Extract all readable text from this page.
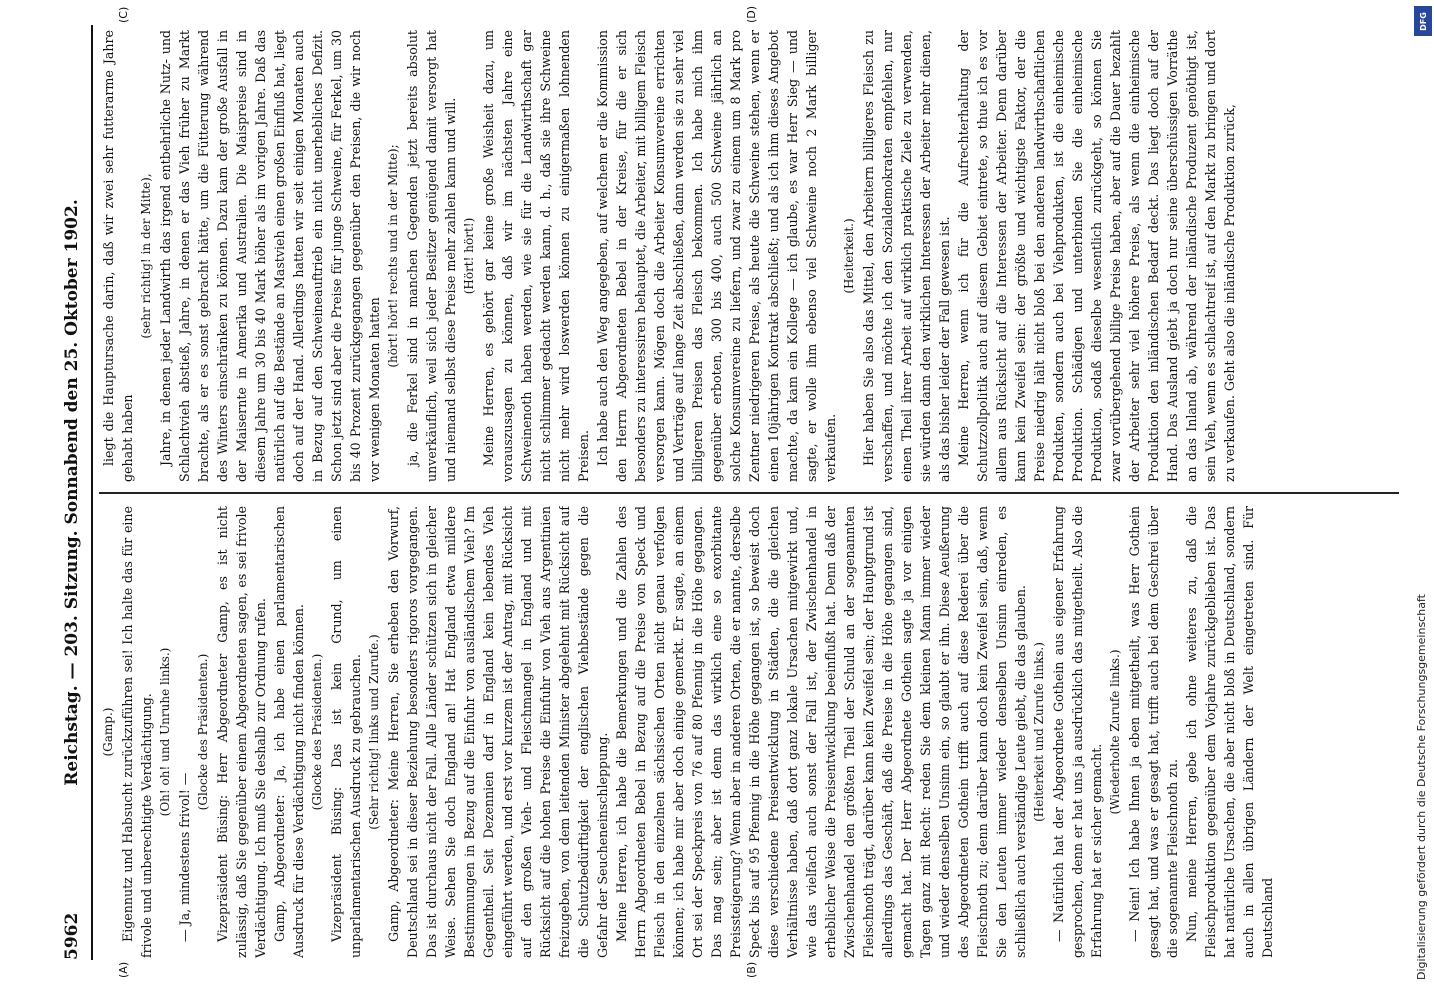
5962
Reichstag. — 203. Sitzung. Sonnabend den 25. Oktober 1902.
(A)	(B)
(C)	(D)

(Gamp.) Eigennutz und Habsucht zurückzuführen sei! Ich halte das für eine frivole und unberechtigte Verdächtigung. (Oh! oh! und Unruhe links.)

— Ja, mindestens frivol! —

(Glocke des Präsidenten.) Vizepräsident Büsing: Herr Abgeordneter Gamp, es ist nicht zulässig, daß Sie gegenüber einem Abgeordneten sagen, es sei frivole Verdächtigung. Ich muß Sie deshalb zur Ordnung rufen. Gamp, Abgeordneter: Ja, ich habe einen parlamentarischen Ausdruck für diese Verdächtigung nicht finden können. (Glocke des Präsidenten.) Vizepräsident Büsing: Das ist kein Grund, um einen unparlamentarischen Ausdruck zu gebrauchen. (Sehr richtig! links und Zurufe.) Gamp, Abgeordneter: Meine Herren, Sie erheben den Vorwurf, Deutschland sei in dieser Beziehung besonders rigoros vorgegangen. Das ist durchaus nicht der Fall. Alle Länder schützen sich in gleicher Weise. Sehen Sie doch England an! Hat England etwa mildere Bestimmungen in Bezug auf die Einfuhr von ausländischem Vieh? Im Gegentheil. Seit Dezennien darf in England kein lebendes Vieh eingeführt werden, und erst vor kurzem ist der Antrag, mit Rücksicht auf den großen Vieh- und Fleischmangel in England und mit Rücksicht auf die hohen Preise die Einfuhr von Vieh aus Argentinien freizugeben, von dem leitenden Minister abgelehnt mit Rücksicht auf die Schutzbedürftigkeit der englischen Viehbestände gegen die Gefahr der Seucheneinschleppung. Meine Herren, ich habe die Bemerkungen und die Zahlen des Herrn Abgeordneten Bebel in Bezug auf die Preise von Speck und Fleisch in den einzelnen sächsischen Orten nicht genau verfolgen können; ich habe mir aber doch einige gemerkt. Er sagte, an einem Ort sei der Speckpreis von 76 auf 80 Pfennig in die Höhe gegangen. Das mag sein; aber ist denn das wirklich eine so exorbitante Preissteigerung? Wenn aber in anderen Orten, die er nannte, derselbe Speck bis auf 95 Pfennig in die Höhe gegangen ist, so beweist doch diese verschiedene Preisentwicklung in Städten, die die gleichen Verhältnisse haben, daß dort ganz lokale Ursachen mitgewirkt und, wie das vielfach auch sonst der Fall ist, der Zwischenhandel in erheblicher Weise die Preisentwicklung beeinflußt hat. Denn daß der Zwischenhandel den größten Theil der Schuld an der sogenannten Fleischnoth trägt, darüber kann kein Zweifel sein; der Hauptgrund ist allerdings das Geschäft, daß die Preise in die Höhe gegangen sind, gemacht hat. Der Herr Abgeordnete Gothein sagte ja vor einigen Tagen ganz mit Recht: reden Sie dem kleinen Mann immer wieder und wieder denselben Unsinn ein, so glaubt er ihn. Diese Aeußerung des Abgeordneten Gothein trifft auch auf diese Rederei über die Fleischnoth zu; denn darüber kann doch kein Zweifel sein, daß, wenn Sie den Leuten immer wieder denselben Unsinn einreden, es schließlich auch verständige Leute giebt, die das glauben. (Heiterkeit und Zurufe links.) — Natürlich hat der Abgeordnete Gothein aus eigener Erfahrung gesprochen, denn er hat uns ja ausdrücklich das mitgetheilt. Also die Erfahrung hat er sicher gemacht.

(Wiederholte Zurufe links.) — Nein! Ich habe Ihnen ja eben mitgetheilt, was Herr Gothein gesagt hat, und was er gesagt hat, trifft auch bei dem Geschrei über die sogenannte Fleischnoth zu. Nun, meine Herren, gebe ich ohne weiteres zu, daß die Fleischproduktion gegenüber dem Vorjahre zurückgeblieben ist. Das hat natürliche Ursachen, die aber nicht bloß in Deutschland, sondern auch in allen übrigen Ländern der Welt eingetreten sind. Für Deutschland

liegt die Hauptursache darin, daß wir zwei sehr futterarme Jahre gehabt haben

(sehr richtig! in der Mitte), Jahre, in denen jeder Landwirth das irgend entbehrliche Nutz- und Schlachtvieh abstieß, Jahre, in denen er das Vieh früher zu Markt brachte, als er es sonst gebracht hätte, um die Fütterung während des Winters einschränken zu können. Dazu kam der große Ausfall in der Maisernte in Amerika und Australien. Die Maispreise sind in diesem Jahre um 30 bis 40 Mark höher als im vorigen Jahre. Daß das natürlich auf die Bestände an Mastvieh einen großen Einfluß hat, liegt doch auf der Hand. Allerdings hatten wir seit einigen Monaten auch in Bezug auf den Schweineauftrieb ein nicht unerhebliches Defizit. Schon jetzt sind aber die Preise für junge Schweine, für Ferkel, um 30 bis 40 Prozent zurückgegangen gegenüber den Preisen, die wir noch vor wenigen Monaten hatten

(hört! hört! rechts und in der Mitte); ja, die Ferkel sind in manchen Gegenden jetzt bereits absolut unverkäuflich, weil sich jeder Besitzer genügend damit versorgt hat und niemand selbst diese Preise mehr zahlen kann und will. (Hört! hört!) Meine Herren, es gehört gar keine große Weisheit dazu, um vorauszusagen zu können, daß wir im nächsten Jahre eine Schweinenoth haben werden, wie sie für die Landwirthschaft gar nicht schlimmer gedacht werden kann, d. h., daß sie ihre Schweine nicht mehr wird loswerden können zu einigermaßen lohnenden Preisen. Ich habe auch den Weg angegeben, auf welchem er die Kommission den Herrn Abgeordneten Bebel in der Kreise, für die er sich besonders zu interessiren behauptet, die Arbeiter, mit billigem Fleisch versorgen kann. Mögen doch die Arbeiter Konsumvereine errichten und Verträge auf lange Zeit abschließen, dann werden sie zu sehr viel billigeren Preisen das Fleisch bekommen. Ich habe mich ihm gegenüber erboten, 300 bis 400, auch 500 Schweine jährlich an solche Konsumvereine zu liefern, und zwar zu einem um 8 Mark pro Zentner niedrigeren Preise, als heute die Schweine stehen, wenn er einen 10jährigen Kontrakt abschließt; und als ich ihm dieses Angebot machte, da kam ein Kollege — ich glaube, es war Herr Sieg — und sagte, er wolle ihm ebenso viel Schweine noch 2 Mark billiger verkaufen.

(Heiterkeit.) Hier haben Sie also das Mittel, den Arbeitern billigeres Fleisch zu verschaffen, und möchte ich den Sozialdemokraten empfehlen, nur einen Theil ihrer Arbeit auf wirklich praktische Ziele zu verwenden, sie würden dann den wirklichen Interessen der Arbeiter mehr dienen, als das bisher leider der Fall gewesen ist. Meine Herren, wenn ich für die Aufrechterhaltung der Schutzzollpolitik auch auf diesem Gebiet eintrete, so thue ich es vor allem aus Rücksicht auf die Interessen der Arbeiter. Denn darüber kann kein Zweifel sein: der größte und wichtigste Faktor, der die Preise niedrig hält nicht bloß bei den anderen landwirthschaftlichen Produkten, sondern auch bei Viehprodukten, ist die einheimische Produktion. Schädigen und unterbinden Sie die einheimische Produktion, sodaß dieselbe wesentlich zurückgeht, so können Sie zwar vorübergehend billige Preise haben, aber auf die Dauer bezahlt der Arbeiter sehr viel höhere Preise, als wenn die einheimische Produktion den inländischen Bedarf deckt. Das liegt doch auf der Hand. Das Ausland giebt ja doch nur seine überschüssigen Vorräthe an das Inland ab, während der inländische Produzent genöthigt ist, sein Vieh, wenn es schlachtreif ist, auf den Markt zu bringen und dort zu verkaufen. Geht also die inländische Produktion zurück,

Digitalisierung gefördert durch die Deutsche Forschungsgemeinschaft
DFG
